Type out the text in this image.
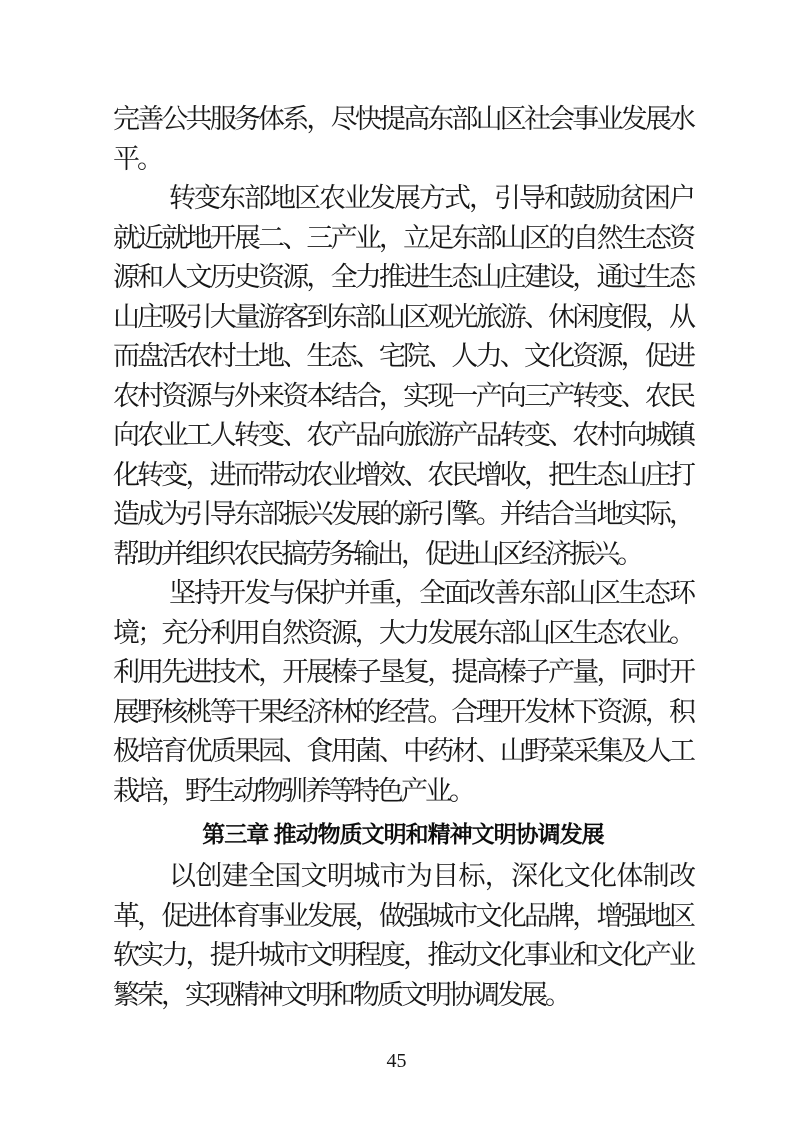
完善公共服务体系，尽快提高东部山区社会事业发展水平。

转变东部地区农业发展方式，引导和鼓励贫困户就近就地开展二、三产业，立足东部山区的自然生态资源和人文历史资源，全力推进生态山庄建设，通过生态山庄吸引大量游客到东部山区观光旅游、休闲度假，从而盘活农村土地、生态、宅院、人力、文化资源，促进农村资源与外来资本结合，实现一产向三产转变、农民向农业工人转变、农产品向旅游产品转变、农村向城镇化转变，进而带动农业增效、农民增收，把生态山庄打造成为引导东部振兴发展的新引擎。并结合当地实际，帮助并组织农民搞劳务输出，促进山区经济振兴。

坚持开发与保护并重，全面改善东部山区生态环境；充分利用自然资源，大力发展东部山区生态农业。利用先进技术，开展榛子垦复，提高榛子产量，同时开展野核桃等干果经济林的经营。合理开发林下资源，积极培育优质果园、食用菌、中药材、山野菜采集及人工栽培，野生动物驯养等特色产业。

第三章 推动物质文明和精神文明协调发展

以创建全国文明城市为目标，深化文化体制改革，促进体育事业发展，做强城市文化品牌，增强地区软实力，提升城市文明程度，推动文化事业和文化产业繁荣，实现精神文明和物质文明协调发展。

45
